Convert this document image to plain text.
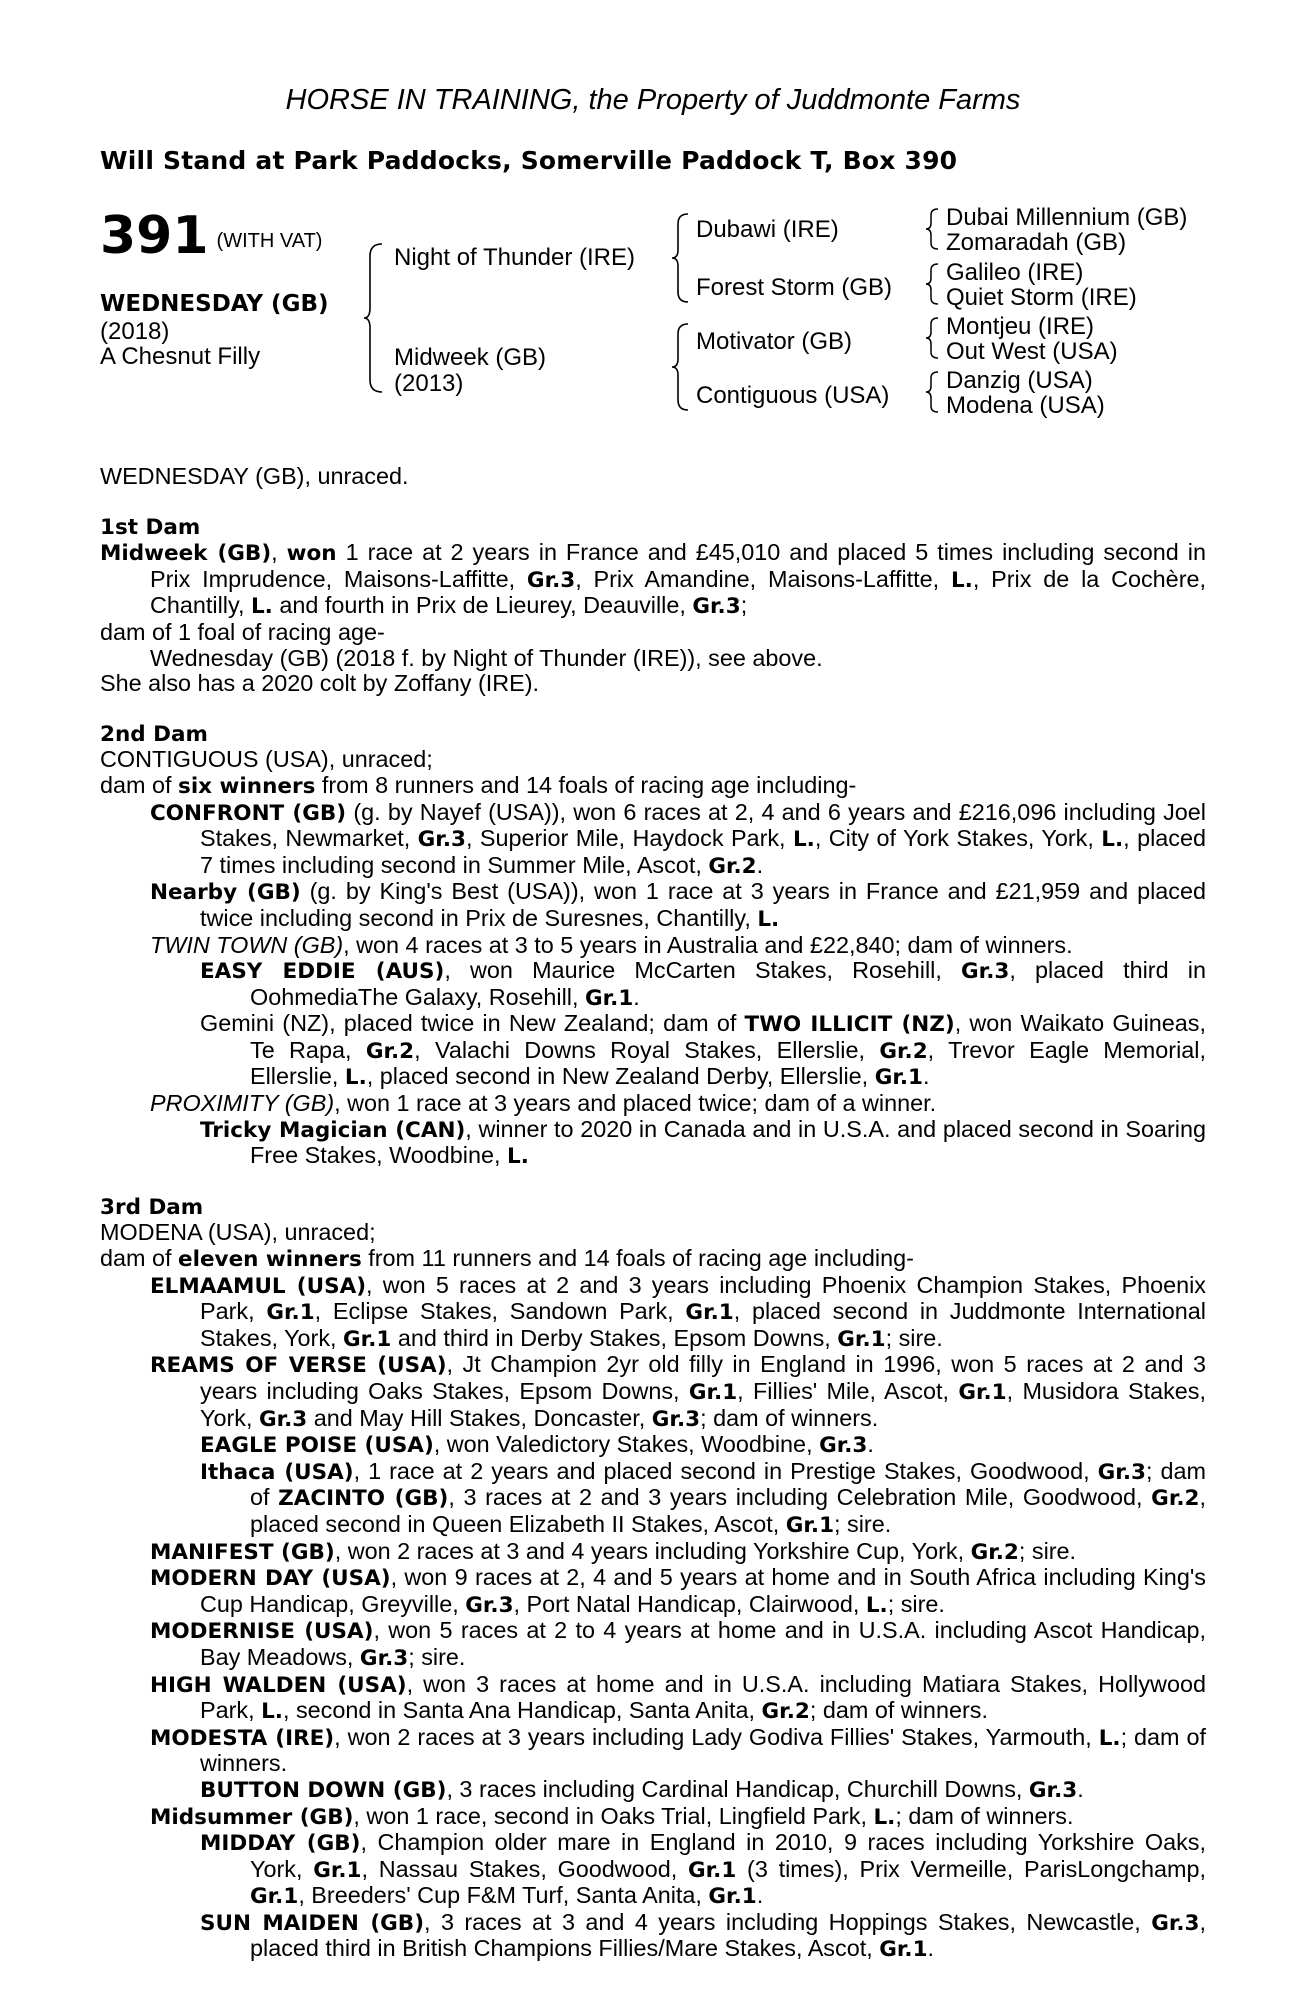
HORSE IN TRAINING, the Property of Juddmonte Farms
Will Stand at Park Paddocks, Somerville Paddock T, Box 390
391 (WITH VAT)
WEDNESDAY (GB)
(2018)
A Chesnut Filly
Night of Thunder (IRE)
Midweek (GB)
(2013)
Dubawi (IRE)
Forest Storm (GB)
Motivator (GB)
Contiguous (USA)
Dubai Millennium (GB)
Zomaradah (GB)
Galileo (IRE)
Quiet Storm (IRE)
Montjeu (IRE)
Out West (USA)
Danzig (USA)
Modena (USA)

WEDNESDAY (GB), unraced.

1st Dam

Midweek (GB), won 1 race at 2 years in France and £45,010 and placed 5 times including second in Prix Imprudence, Maisons-Laffitte, Gr.3, Prix Amandine, Maisons-Laffitte, L., Prix de la Cochère, Chantilly, L. and fourth in Prix de Lieurey, Deauville, Gr.3;

dam of 1 foal of racing age-

Wednesday (GB) (2018 f. by Night of Thunder (IRE)), see above.

She also has a 2020 colt by Zoffany (IRE).

2nd Dam

CONTIGUOUS (USA), unraced;

dam of six winners from 8 runners and 14 foals of racing age including-

CONFRONT (GB) (g. by Nayef (USA)), won 6 races at 2, 4 and 6 years and £216,096 including Joel Stakes, Newmarket, Gr.3, Superior Mile, Haydock Park, L., City of York Stakes, York, L., placed 7 times including second in Summer Mile, Ascot, Gr.2.

Nearby (GB) (g. by King's Best (USA)), won 1 race at 3 years in France and £21,959 and placed twice including second in Prix de Suresnes, Chantilly, L.

TWIN TOWN (GB), won 4 races at 3 to 5 years in Australia and £22,840; dam of winners.

EASY EDDIE (AUS), won Maurice McCarten Stakes, Rosehill, Gr.3, placed third in OohmediaThe Galaxy, Rosehill, Gr.1.

Gemini (NZ), placed twice in New Zealand; dam of TWO ILLICIT (NZ), won Waikato Guineas, Te Rapa, Gr.2, Valachi Downs Royal Stakes, Ellerslie, Gr.2, Trevor Eagle Memorial, Ellerslie, L., placed second in New Zealand Derby, Ellerslie, Gr.1.

PROXIMITY (GB), won 1 race at 3 years and placed twice; dam of a winner.

Tricky Magician (CAN), winner to 2020 in Canada and in U.S.A. and placed second in Soaring Free Stakes, Woodbine, L.

3rd Dam

MODENA (USA), unraced;

dam of eleven winners from 11 runners and 14 foals of racing age including-

ELMAAMUL (USA), won 5 races at 2 and 3 years including Phoenix Champion Stakes, Phoenix Park, Gr.1, Eclipse Stakes, Sandown Park, Gr.1, placed second in Juddmonte International Stakes, York, Gr.1 and third in Derby Stakes, Epsom Downs, Gr.1; sire.

REAMS OF VERSE (USA), Jt Champion 2yr old filly in England in 1996, won 5 races at 2 and 3 years including Oaks Stakes, Epsom Downs, Gr.1, Fillies' Mile, Ascot, Gr.1, Musidora Stakes, York, Gr.3 and May Hill Stakes, Doncaster, Gr.3; dam of winners.

EAGLE POISE (USA), won Valedictory Stakes, Woodbine, Gr.3.

Ithaca (USA), 1 race at 2 years and placed second in Prestige Stakes, Goodwood, Gr.3; dam of ZACINTO (GB), 3 races at 2 and 3 years including Celebration Mile, Goodwood, Gr.2, placed second in Queen Elizabeth II Stakes, Ascot, Gr.1; sire.

MANIFEST (GB), won 2 races at 3 and 4 years including Yorkshire Cup, York, Gr.2; sire.

MODERN DAY (USA), won 9 races at 2, 4 and 5 years at home and in South Africa including King's Cup Handicap, Greyville, Gr.3, Port Natal Handicap, Clairwood, L.; sire.

MODERNISE (USA), won 5 races at 2 to 4 years at home and in U.S.A. including Ascot Handicap, Bay Meadows, Gr.3; sire.

HIGH WALDEN (USA), won 3 races at home and in U.S.A. including Matiara Stakes, Hollywood Park, L., second in Santa Ana Handicap, Santa Anita, Gr.2; dam of winners.

MODESTA (IRE), won 2 races at 3 years including Lady Godiva Fillies' Stakes, Yarmouth, L.; dam of winners.

BUTTON DOWN (GB), 3 races including Cardinal Handicap, Churchill Downs, Gr.3.

Midsummer (GB), won 1 race, second in Oaks Trial, Lingfield Park, L.; dam of winners.

MIDDAY (GB), Champion older mare in England in 2010, 9 races including Yorkshire Oaks, York, Gr.1, Nassau Stakes, Goodwood, Gr.1 (3 times), Prix Vermeille, ParisLongchamp, Gr.1, Breeders' Cup F&M Turf, Santa Anita, Gr.1.

SUN MAIDEN (GB), 3 races at 3 and 4 years including Hoppings Stakes, Newcastle, Gr.3, placed third in British Champions Fillies/Mare Stakes, Ascot, Gr.1.
